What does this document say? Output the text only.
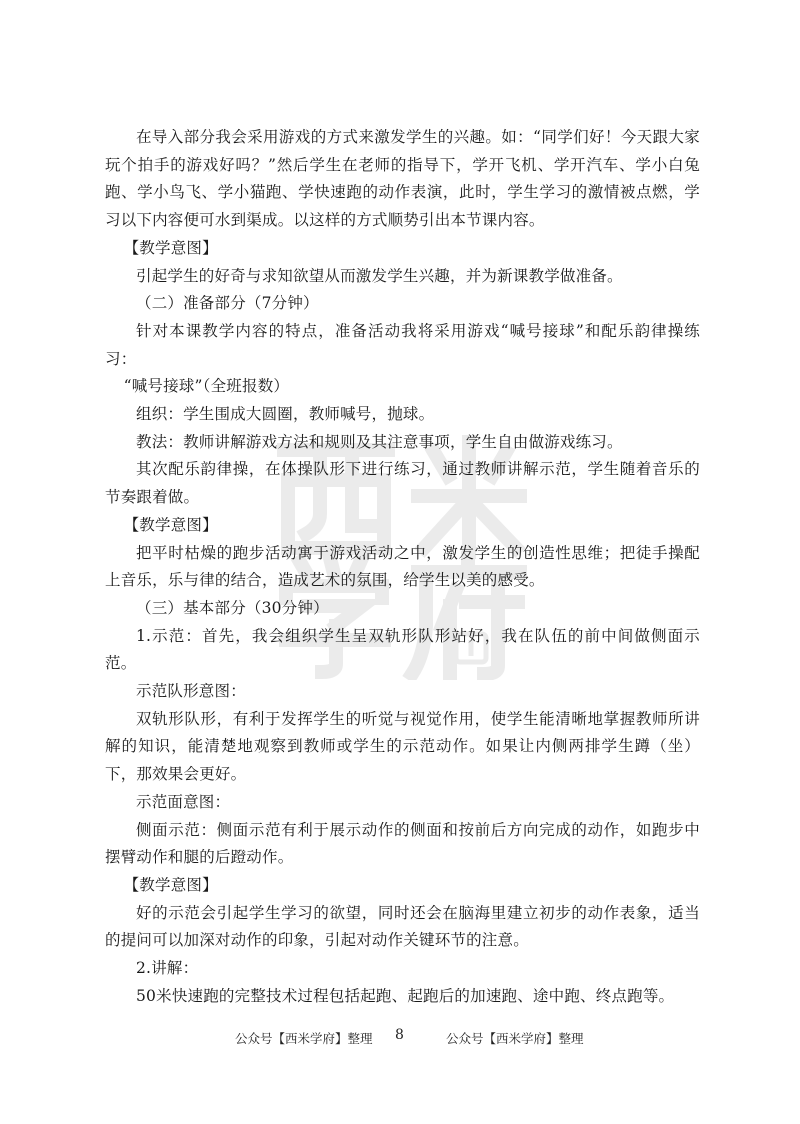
在导入部分我会采用游戏的方式来激发学生的兴趣。如：“同学们好！今天跟大家玩个拍手的游戏好吗？”然后学生在老师的指导下，学开飞机、学开汽车、学小白兔跑、学小鸟飞、学小猫跑、学快速跑的动作表演，此时，学生学习的激情被点燃，学习以下内容便可水到渠成。以这样的方式顺势引出本节课内容。

【教学意图】

引起学生的好奇与求知欲望从而激发学生兴趣，并为新课教学做准备。

（二）准备部分（7分钟）

针对本课教学内容的特点，准备活动我将采用游戏“喊号接球”和配乐韵律操练习：

“喊号接球”（全班报数）

组织：学生围成大圆圈，教师喊号，抛球。

教法：教师讲解游戏方法和规则及其注意事项，学生自由做游戏练习。

其次配乐韵律操，在体操队形下进行练习，通过教师讲解示范，学生随着音乐的节奏跟着做。

【教学意图】

把平时枯燥的跑步活动寓于游戏活动之中，激发学生的创造性思维；把徒手操配上音乐，乐与律的结合，造成艺术的氛围，给学生以美的感受。

（三）基本部分（30分钟）

1.示范：首先，我会组织学生呈双轨形队形站好，我在队伍的前中间做侧面示范。

示范队形意图：

双轨形队形，有利于发挥学生的听觉与视觉作用，使学生能清晰地掌握教师所讲解的知识，能清楚地观察到教师或学生的示范动作。如果让内侧两排学生蹲（坐）下，那效果会更好。

示范面意图：

侧面示范：侧面示范有利于展示动作的侧面和按前后方向完成的动作，如跑步中摆臂动作和腿的后蹬动作。

【教学意图】

好的示范会引起学生学习的欲望，同时还会在脑海里建立初步的动作表象，适当的提问可以加深对动作的印象，引起对动作关键环节的注意。

2.讲解：

50米快速跑的完整技术过程包括起跑、起跑后的加速跑、途中跑、终点跑等。

公众号【西米学府】整理 8	公众号【西米学府】整理
